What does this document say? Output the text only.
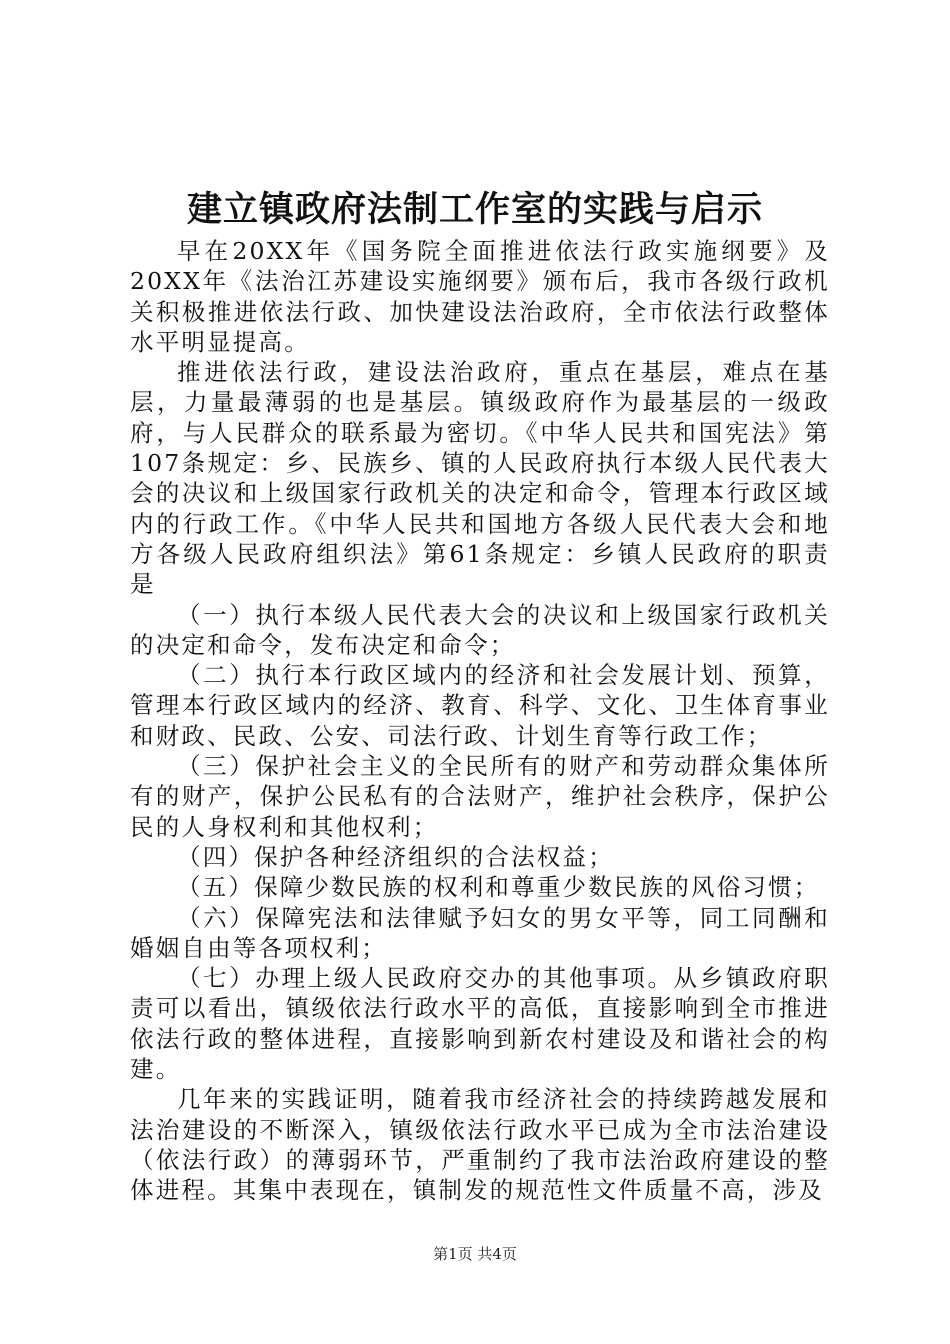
建立镇政府法制工作室的实践与启示

早在20XX年《国务院全面推进依法行政实施纲要》及20XX年《法治江苏建设实施纲要》颁布后，我市各级行政机关积极推进依法行政、加快建设法治政府，全市依法行政整体水平明显提高。

推进依法行政，建设法治政府，重点在基层，难点在基层，力量最薄弱的也是基层。镇级政府作为最基层的一级政府，与人民群众的联系最为密切。《中华人民共和国宪法》第107条规定：乡、民族乡、镇的人民政府执行本级人民代表大会的决议和上级国家行政机关的决定和命令，管理本行政区域内的行政工作。《中华人民共和国地方各级人民代表大会和地方各级人民政府组织法》第61条规定：乡镇人民政府的职责是

（一）执行本级人民代表大会的决议和上级国家行政机关的决定和命令，发布决定和命令；

（二）执行本行政区域内的经济和社会发展计划、预算，管理本行政区域内的经济、教育、科学、文化、卫生体育事业和财政、民政、公安、司法行政、计划生育等行政工作；

（三）保护社会主义的全民所有的财产和劳动群众集体所有的财产，保护公民私有的合法财产，维护社会秩序，保护公民的人身权利和其他权利；

（四）保护各种经济组织的合法权益；

（五）保障少数民族的权利和尊重少数民族的风俗习惯；

（六）保障宪法和法律赋予妇女的男女平等，同工同酬和婚姻自由等各项权利；

（七）办理上级人民政府交办的其他事项。从乡镇政府职责可以看出，镇级依法行政水平的高低，直接影响到全市推进依法行政的整体进程，直接影响到新农村建设及和谐社会的构建。

几年来的实践证明，随着我市经济社会的持续跨越发展和法治建设的不断深入，镇级依法行政水平已成为全市法治建设（依法行政）的薄弱环节，严重制约了我市法治政府建设的整体进程。其集中表现在，镇制发的规范性文件质量不高，涉及

第1页 共4页
